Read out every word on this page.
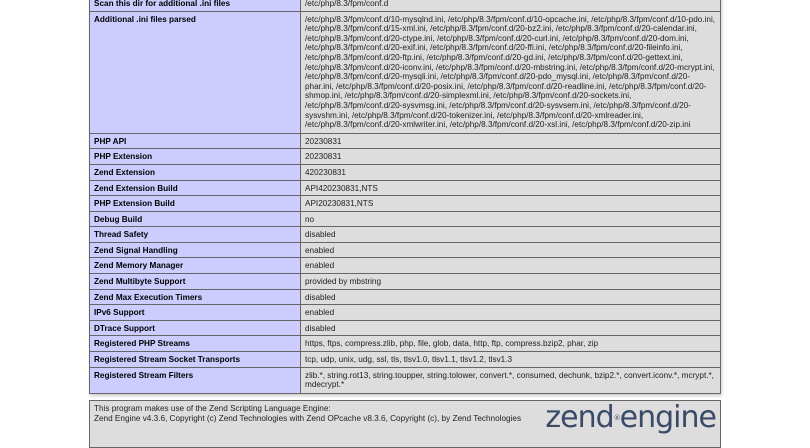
Scan this dir for additional .ini files	/etc/php/8.3/fpm/conf.d
Additional .ini files parsed	/etc/php/8.3/fpm/conf.d/10-mysqlnd.ini, /etc/php/8.3/fpm/conf.d/10-opcache.ini, /etc/php/8.3/fpm/conf.d/10-pdo.ini, /etc/php/8.3/fpm/conf.d/15-xml.ini, /etc/php/8.3/fpm/conf.d/20-bz2.ini, /etc/php/8.3/fpm/conf.d/20-calendar.ini, /etc/php/8.3/fpm/conf.d/20-ctype.ini, /etc/php/8.3/fpm/conf.d/20-curl.ini, /etc/php/8.3/fpm/conf.d/20-dom.ini, /etc/php/8.3/fpm/conf.d/20-exif.ini, /etc/php/8.3/fpm/conf.d/20-ffi.ini, /etc/php/8.3/fpm/conf.d/20-fileinfo.ini, /etc/php/8.3/fpm/conf.d/20-ftp.ini, /etc/php/8.3/fpm/conf.d/20-gd.ini, /etc/php/8.3/fpm/conf.d/20-gettext.ini, /etc/php/8.3/fpm/conf.d/20-iconv.ini, /etc/php/8.3/fpm/conf.d/20-mbstring.ini, /etc/php/8.3/fpm/conf.d/20-mcrypt.ini, /etc/php/8.3/fpm/conf.d/20-mysqli.ini, /etc/php/8.3/fpm/conf.d/20-pdo_mysql.ini, /etc/php/8.3/fpm/conf.d/20-phar.ini, /etc/php/8.3/fpm/conf.d/20-posix.ini, /etc/php/8.3/fpm/conf.d/20-readline.ini, /etc/php/8.3/fpm/conf.d/20-shmop.ini, /etc/php/8.3/fpm/conf.d/20-simplexml.ini, /etc/php/8.3/fpm/conf.d/20-sockets.ini, /etc/php/8.3/fpm/conf.d/20-sysvmsg.ini, /etc/php/8.3/fpm/conf.d/20-sysvsem.ini, /etc/php/8.3/fpm/conf.d/20-sysvshm.ini, /etc/php/8.3/fpm/conf.d/20-tokenizer.ini, /etc/php/8.3/fpm/conf.d/20-xmlreader.ini, /etc/php/8.3/fpm/conf.d/20-xmlwriter.ini, /etc/php/8.3/fpm/conf.d/20-xsl.ini, /etc/php/8.3/fpm/conf.d/20-zip.ini
PHP API	20230831
PHP Extension	20230831
Zend Extension	420230831
Zend Extension Build	API420230831,NTS
PHP Extension Build	API20230831,NTS
Debug Build	no
Thread Safety	disabled
Zend Signal Handling	enabled
Zend Memory Manager	enabled
Zend Multibyte Support	provided by mbstring
Zend Max Execution Timers	disabled
IPv6 Support	enabled
DTrace Support	disabled
Registered PHP Streams	https, ftps, compress.zlib, php, file, glob, data, http, ftp, compress.bzip2, phar, zip
Registered Stream Socket Transports	tcp, udp, unix, udg, ssl, tls, tlsv1.0, tlsv1.1, tlsv1.2, tlsv1.3
Registered Stream Filters	zlib.*, string.rot13, string.toupper, string.tolower, convert.*, consumed, dechunk, bzip2.*, convert.iconv.*, mcrypt.*, mdecrypt.*
This program makes use of the Zend Scripting Language Engine:
Zend Engine v4.3.6, Copyright (c) Zend Technologies with Zend OPcache v8.3.6, Copyright (c), by Zend Technologies zend®engine
